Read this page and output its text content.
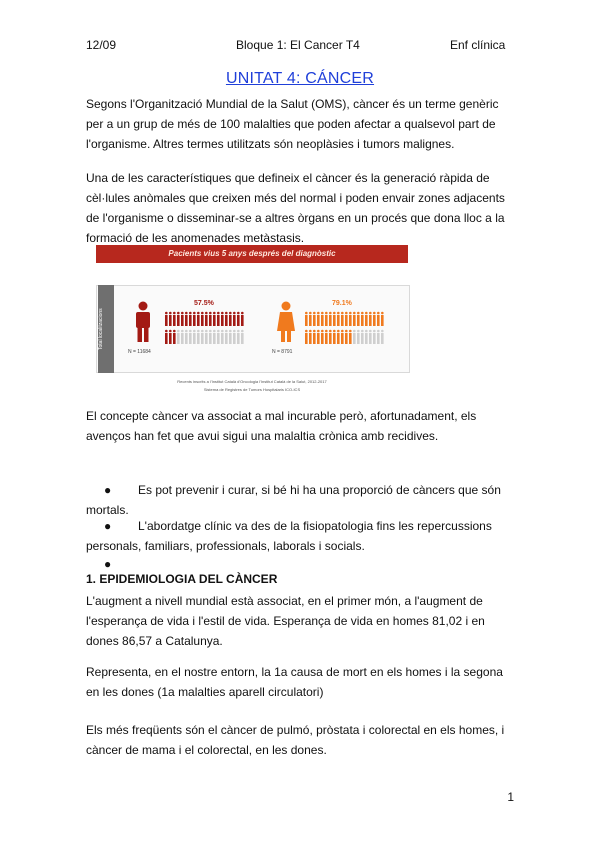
12/09	Bloque 1: El Cancer T4	Enf clínica
UNITAT 4: CÁNCER
Segons l'Organització Mundial de la Salut (OMS), càncer és un terme genèric per a un grup de més de 100 malalties que poden afectar a qualsevol part de l'organisme. Altres termes utilitzats són neoplàsies i tumors malignes.
Una de les característiques que defineix el càncer és la generació ràpida de cèl·lules anòmales que creixen més del normal i poden envair zones adjacents de l'organisme o disseminar-se a altres òrgans en un procés que dona lloc a la formació de les anomenades metàstasis.
Pacients vius 5 anys després del diagnòstic
Total localitzacions
N = 11684
57.5%
N = 8791
79.1%
Recents inscrits a l'Institut Català d'Oncologia l'Institut Català de la Salut, 2012-2017
Sistema de Registres de Tumors Hospitalaris ICO-ICS
El concepte càncer va associat a mal incurable però, afortunadament, els avenços han fet que avui sigui una malaltia crònica amb recidives.
●	Es pot prevenir i curar, si bé hi ha una proporció de càncers que són mortals.
●	L'abordatge clínic va des de la fisiopatologia fins les repercussions personals, familiars, professionals, laborals i socials.
●
1. EPIDEMIOLOGIA DEL CÀNCER
L'augment a nivell mundial està associat, en el primer món, a l'augment de l'esperança de vida i l'estil de vida. Esperança de vida en homes 81,02 i en dones 86,57 a Catalunya.
Representa, en el nostre entorn, la 1a causa de mort en els homes i la segona en les dones (1a malalties aparell circulatori)
Els més freqüents són el càncer de pulmó, pròstata i colorectal en els homes, i càncer de mama i el colorectal, en les dones.
1
